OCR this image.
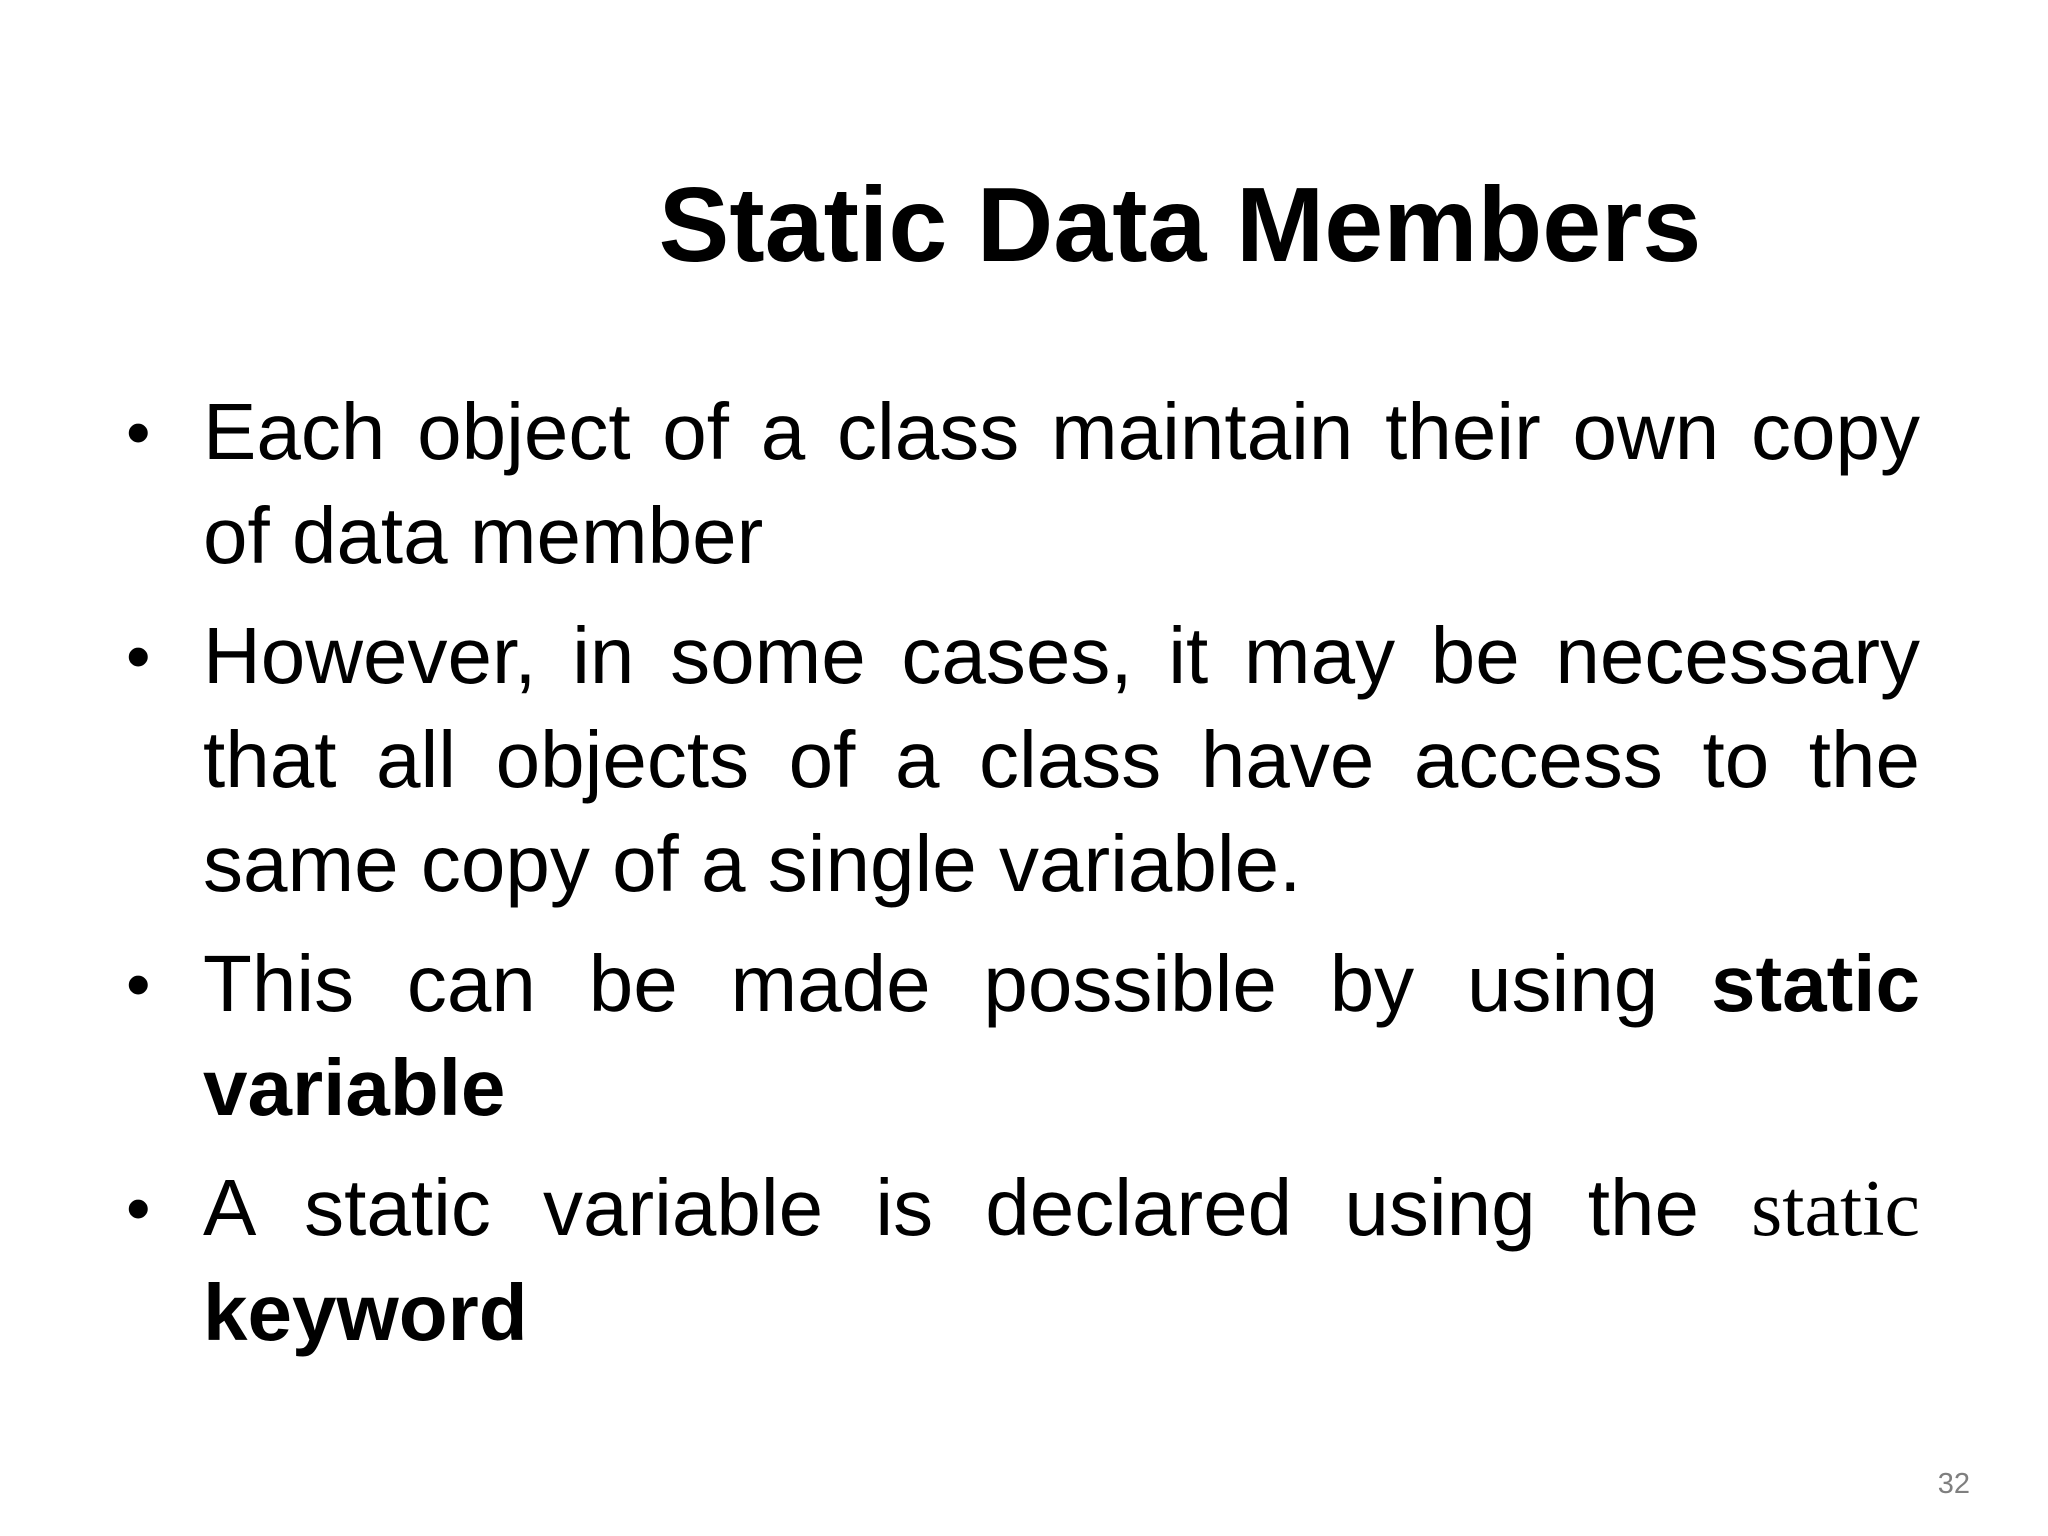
Static Data Members
• Each object of a class maintain their own copy of data member
• However, in some cases, it may be necessary that all objects of a class have access to the same copy of a single variable.
• This can be made possible by using static variable
• A static variable is declared using the static keyword
32
